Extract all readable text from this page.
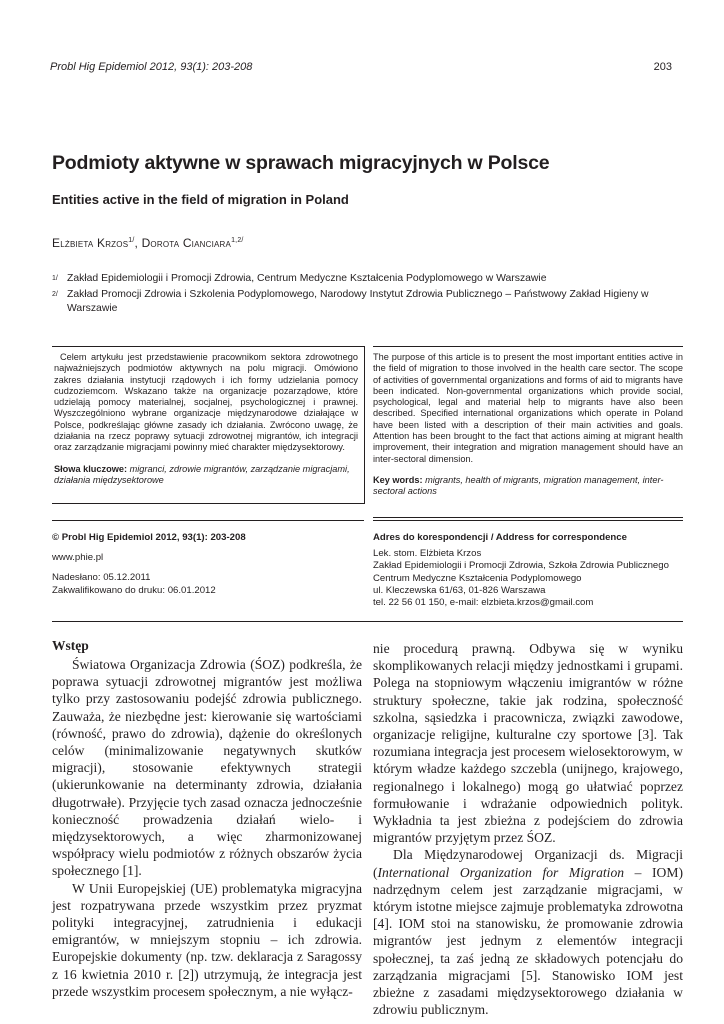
Probl Hig Epidemiol 2012, 93(1): 203-208	203
Podmioty aktywne w sprawach migracyjnych w Polsce
Entities active in the field of migration in Poland
Elżbieta Krzos$^{1/}$, Dorota Cianciara$^{1,2/}$
1/ Zakład Epidemiologii i Promocji Zdrowia, Centrum Medyczne Kształcenia Podyplomowego w Warszawie
2/ Zakład Promocji Zdrowia i Szkolenia Podyplomowego, Narodowy Instytut Zdrowia Publicznego – Państwowy Zakład Higieny w Warszawie
Celem artykułu jest przedstawienie pracownikom sektora zdrowotnego najważniejszych podmiotów aktywnych na polu migracji. Omówiono zakres działania instytucji rządowych i ich formy udzielania pomocy cudzoziemcom. Wskazano także na organizacje pozarządowe, które udzielają pomocy materialnej, socjalnej, psychologicznej i prawnej. Wyszczególniono wybrane organizacje międzynarodowe działające w Polsce, podkreślając główne zasady ich działania. Zwrócono uwagę, że działania na rzecz poprawy sytuacji zdrowotnej migrantów, ich integracji oraz zarządzanie migracjami powinny mieć charakter międzysektorowy.
Słowa kluczowe: migranci, zdrowie migrantów, zarządzanie migracjami, działania międzysektorowe
The purpose of this article is to present the most important entities active in the field of migration to those involved in the health care sector. The scope of activities of governmental organizations and forms of aid to migrants have been indicated. Non-governmental organizations which provide social, psychological, legal and material help to migrants have also been described. Specified international organizations which operate in Poland have been listed with a description of their main activities and goals. Attention has been brought to the fact that actions aiming at migrant health improvement, their integration and migration management should have an inter-sectoral dimension.
Key words: migrants, health of migrants, migration management, inter-sectoral actions
© Probl Hig Epidemiol 2012, 93(1): 203-208
www.phie.pl
Nadesłano: 05.12.2011
Zakwalifikowano do druku: 06.01.2012
Adres do korespondencji / Address for correspondence
Lek. stom. Elżbieta Krzos
Zakład Epidemiologii i Promocji Zdrowia, Szkoła Zdrowia Publicznego
Centrum Medyczne Kształcenia Podyplomowego
ul. Kleczewska 61/63, 01-826 Warszawa
tel. 22 56 01 150, e-mail: elzbieta.krzos@gmail.com
Wstęp

Światowa Organizacja Zdrowia (ŚOZ) podkreśla, że poprawa sytuacji zdrowotnej migrantów jest możliwa tylko przy zastosowaniu podejść zdrowia publicznego. Zauważa, że niezbędne jest: kierowanie się wartościami (równość, prawo do zdrowia), dążenie do określonych celów (minimalizowanie negatywnych skutków migracji), stosowanie efektywnych strategii (ukierunkowanie na determinanty zdrowia, działania długotrwałe). Przyjęcie tych zasad oznacza jednocześnie konieczność prowadzenia działań wielo- i międzysektorowych, a więc zharmonizowanej współpracy wielu podmiotów z różnych obszarów życia społecznego [1].

W Unii Europejskiej (UE) problematyka migracyjna jest rozpatrywana przede wszystkim przez pryzmat polityki integracyjnej, zatrudnienia i edukacji emigrantów, w mniejszym stopniu – ich zdrowia. Europejskie dokumenty (np. tzw. deklaracja z Saragossy z 16 kwietnia 2010 r. [2]) utrzymują, że integracja jest przede wszystkim procesem społecznym, a nie wyłącz-

nie procedurą prawną. Odbywa się w wyniku skomplikowanych relacji między jednostkami i grupami. Polega na stopniowym włączeniu imigrantów w różne struktury społeczne, takie jak rodzina, społeczność szkolna, sąsiedzka i pracownicza, związki zawodowe, organizacje religijne, kulturalne czy sportowe [3]. Tak rozumiana integracja jest procesem wielosektorowym, w którym władze każdego szczebla (unijnego, krajowego, regionalnego i lokalnego) mogą go ułatwiać poprzez formułowanie i wdrażanie odpowiednich polityk. Wykładnia ta jest zbieżna z podejściem do zdrowia migrantów przyjętym przez ŚOZ.

Dla Międzynarodowej Organizacji ds. Migracji (International Organization for Migration – IOM) nadrzędnym celem jest zarządzanie migracjami, w którym istotne miejsce zajmuje problematyka zdrowotna [4]. IOM stoi na stanowisku, że promowanie zdrowia migrantów jest jednym z elementów integracji społecznej, ta zaś jedną ze składowych potencjału do zarządzania migracjami [5]. Stanowisko IOM jest zbieżne z zasadami międzysektorowego działania w zdrowiu publicznym.
